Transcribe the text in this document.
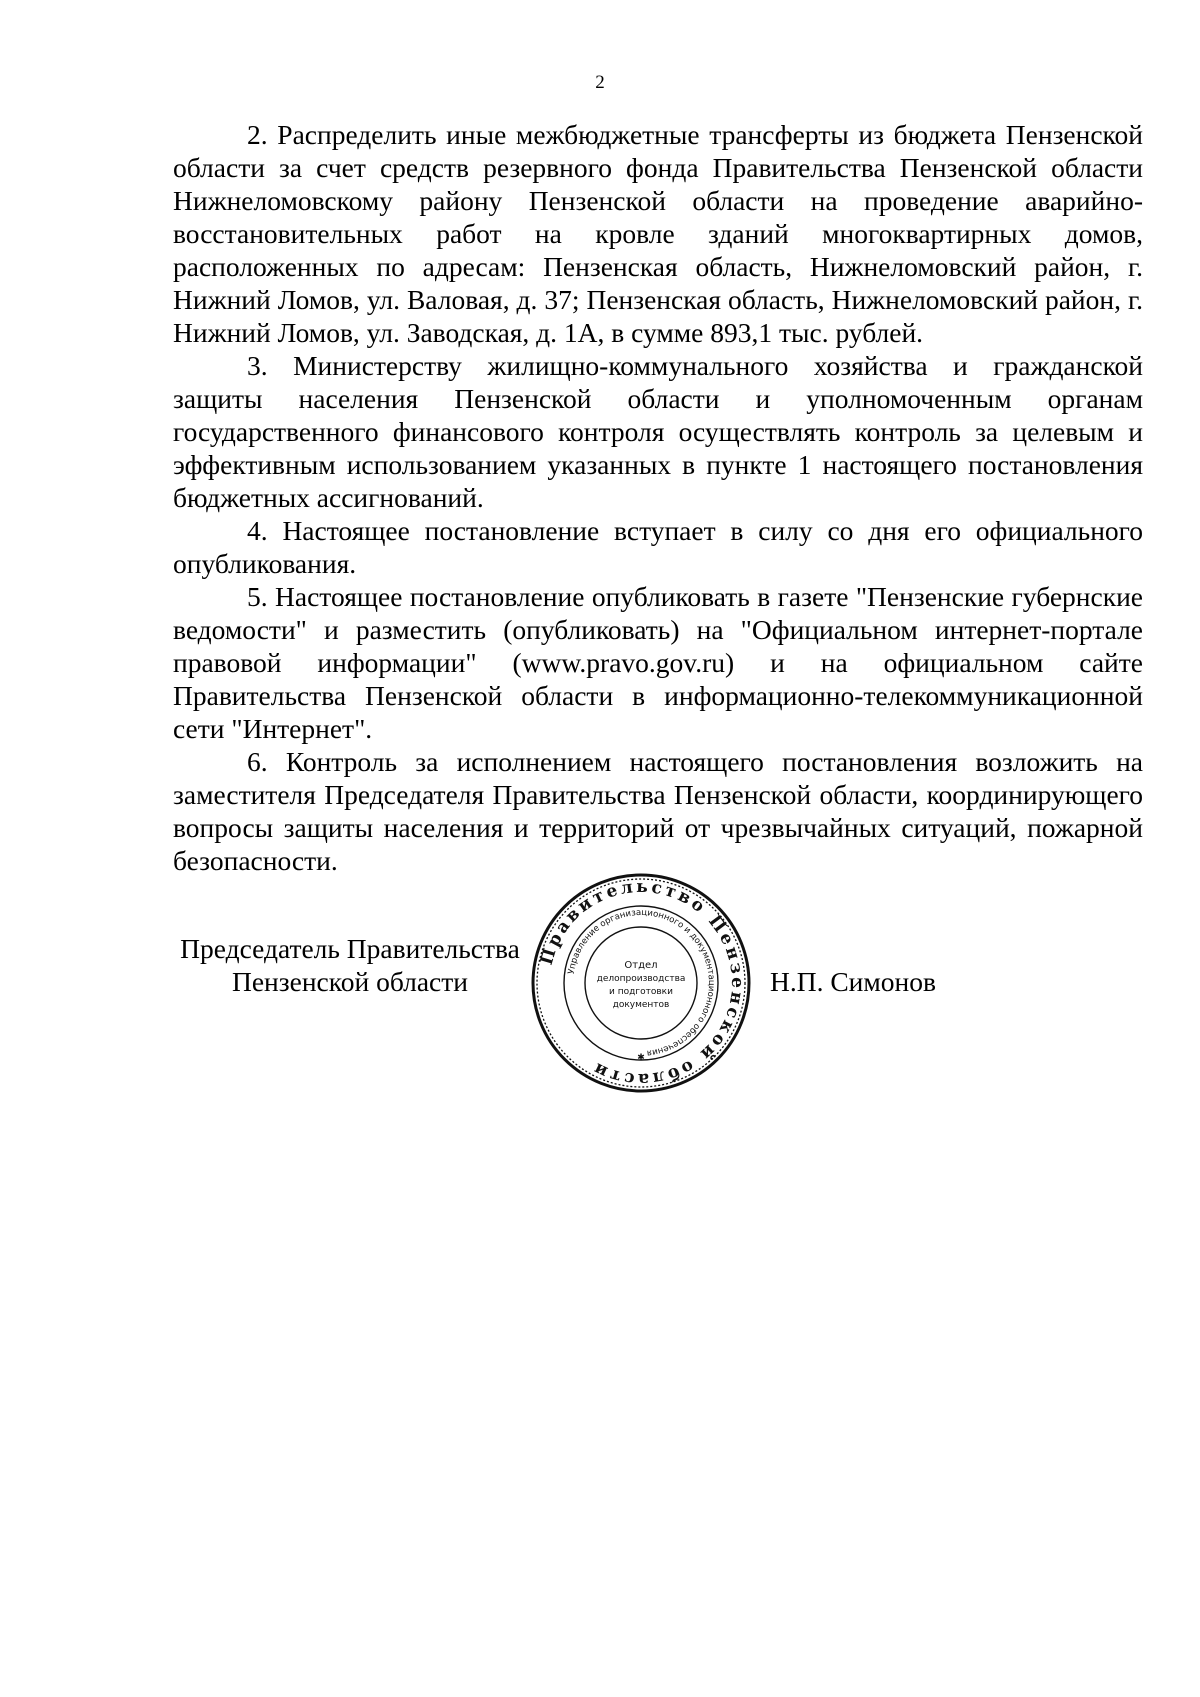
2

2. Распределить иные межбюджетные трансферты из бюджета Пензенской области за счет средств резервного фонда Правительства Пензенской области Нижнеломовскому району Пензенской области на проведение аварийно-восстановительных работ на кровле зданий многоквартирных домов, расположенных по адресам: Пензенская область, Нижнеломовский район, г. Нижний Ломов, ул. Валовая, д. 37; Пензенская область, Нижнеломовский район, г. Нижний Ломов, ул. Заводская, д. 1А, в сумме 893,1 тыс. рублей.

3. Министерству жилищно-коммунального хозяйства и гражданской защиты населения Пензенской области и уполномоченным органам государственного финансового контроля осуществлять контроль за целевым и эффективным использованием указанных в пункте 1 настоящего постановления бюджетных ассигнований.

4. Настоящее постановление вступает в силу со дня его официального опубликования.

5. Настоящее постановление опубликовать в газете "Пензенские губернские ведомости" и разместить (опубликовать) на "Официальном интернет-портале правовой информации" (www.pravo.gov.ru) и на официальном сайте Правительства Пензенской области в информационно-телекоммуникационной сети "Интернет".

6. Контроль за исполнением настоящего постановления возложить на заместителя Председателя Правительства Пензенской области, координирующего вопросы защиты населения и территорий от чрезвычайных ситуаций, пожарной безопасности.

Председатель Правительства
Пензенской области	Н.П. Симонов
Правительство Пензенской области
Управление организационного и документационного обеспечения
Отдел
делопроизводства
и подготовки
документов
✱
